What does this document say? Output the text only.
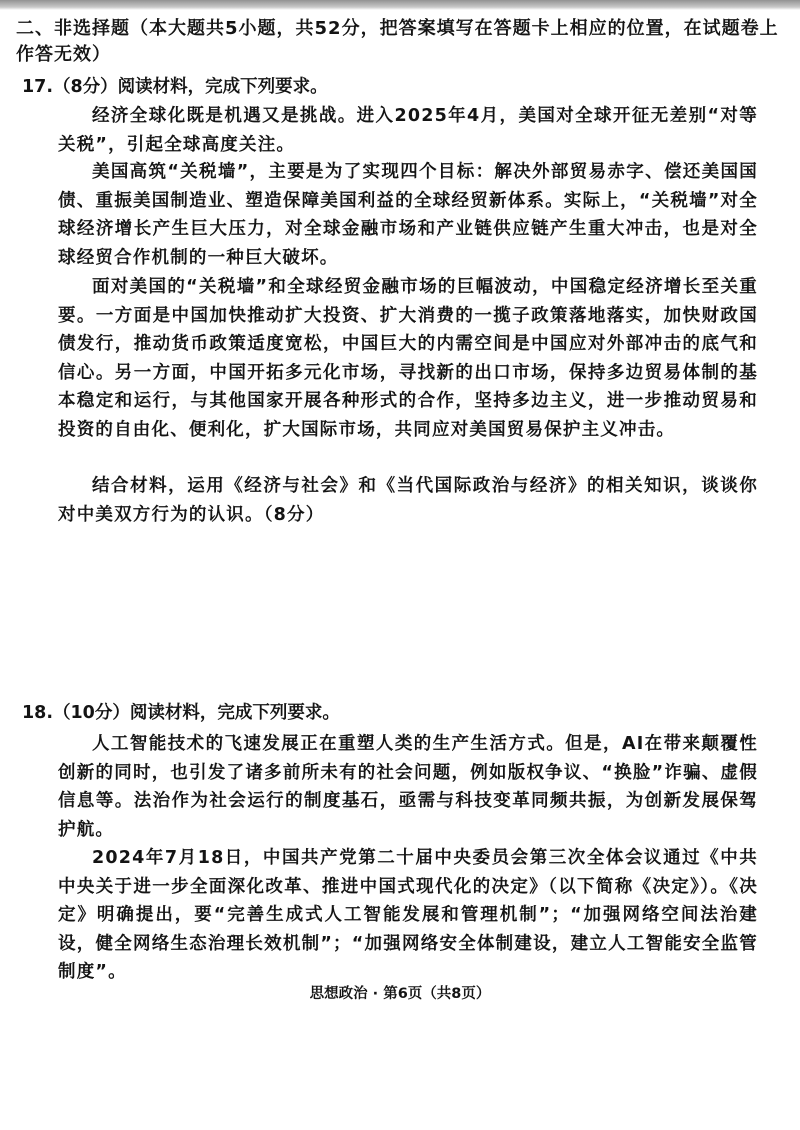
二、非选择题（本大题共5小题，共52分，把答案填写在答题卡上相应的位置，在试题卷上作答无效）
17.（8分）阅读材料，完成下列要求。
经济全球化既是机遇又是挑战。进入2025年4月，美国对全球开征无差别“对等关税”，引起全球高度关注。
美国高筑“关税墙”，主要是为了实现四个目标：解决外部贸易赤字、偿还美国国债、重振美国制造业、塑造保障美国利益的全球经贸新体系。实际上，“关税墙”对全球经济增长产生巨大压力，对全球金融市场和产业链供应链产生重大冲击，也是对全球经贸合作机制的一种巨大破坏。
面对美国的“关税墙”和全球经贸金融市场的巨幅波动，中国稳定经济增长至关重要。一方面是中国加快推动扩大投资、扩大消费的一揽子政策落地落实，加快财政国债发行，推动货币政策适度宽松，中国巨大的内需空间是中国应对外部冲击的底气和信心。另一方面，中国开拓多元化市场，寻找新的出口市场，保持多边贸易体制的基本稳定和运行，与其他国家开展各种形式的合作，坚持多边主义，进一步推动贸易和投资的自由化、便利化，扩大国际市场，共同应对美国贸易保护主义冲击。
结合材料，运用《经济与社会》和《当代国际政治与经济》的相关知识，谈谈你对中美双方行为的认识。（8分）
18.（10分）阅读材料，完成下列要求。
人工智能技术的飞速发展正在重塑人类的生产生活方式。但是，AI在带来颠覆性创新的同时，也引发了诸多前所未有的社会问题，例如版权争议、“换脸”诈骗、虚假信息等。法治作为社会运行的制度基石，亟需与科技变革同频共振，为创新发展保驾护航。
2024年7月18日，中国共产党第二十届中央委员会第三次全体会议通过《中共中央关于进一步全面深化改革、推进中国式现代化的决定》（以下简称《决定》）。《决定》明确提出，要“完善生成式人工智能发展和管理机制”；“加强网络空间法治建设，健全网络生态治理长效机制”；“加强网络安全体制建设，建立人工智能安全监管制度”。
思想政治 · 第6页（共8页）
